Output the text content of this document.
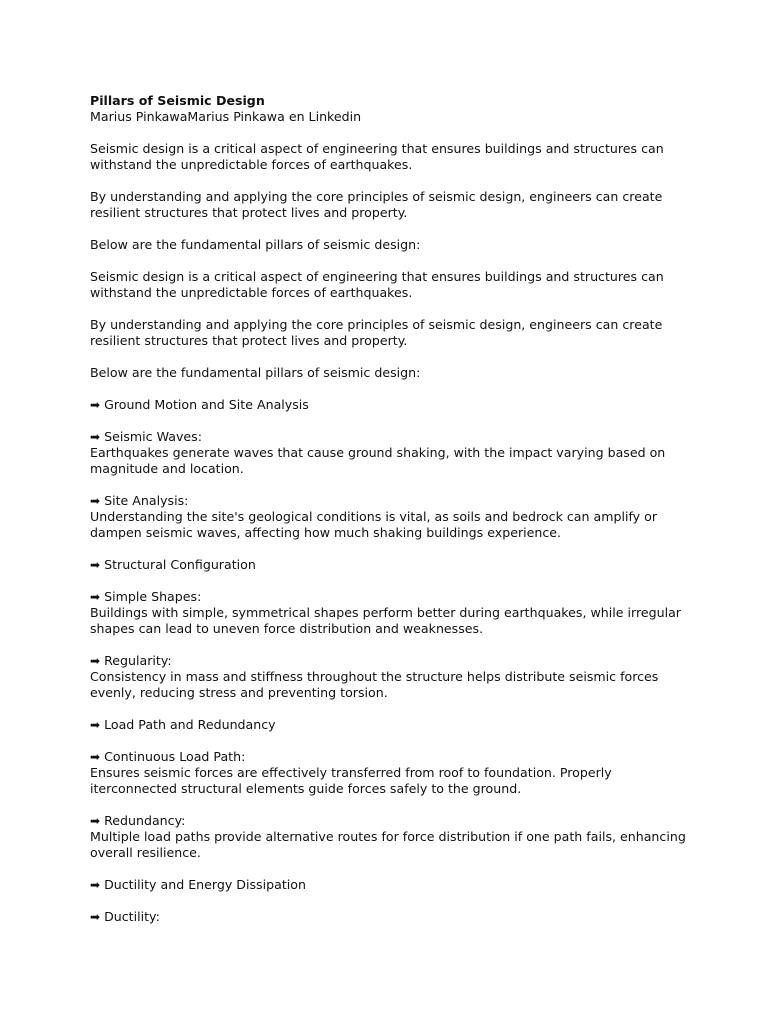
Pillars of Seismic Design
Marius PinkawaMarius Pinkawa en Linkedin
Seismic design is a critical aspect of engineering that ensures buildings and structures can withstand the unpredictable forces of earthquakes.
By understanding and applying the core principles of seismic design, engineers can create resilient structures that protect lives and property.
Below are the fundamental pillars of seismic design:
Seismic design is a critical aspect of engineering that ensures buildings and structures can withstand the unpredictable forces of earthquakes.
By understanding and applying the core principles of seismic design, engineers can create resilient structures that protect lives and property.
Below are the fundamental pillars of seismic design:
➡ Ground Motion and Site Analysis
➡ Seismic Waves:
Earthquakes generate waves that cause ground shaking, with the impact varying based on magnitude and location.
➡ Site Analysis:
Understanding the site's geological conditions is vital, as soils and bedrock can amplify or dampen seismic waves, affecting how much shaking buildings experience.
➡ Structural Configuration
➡ Simple Shapes:
Buildings with simple, symmetrical shapes perform better during earthquakes, while irregular shapes can lead to uneven force distribution and weaknesses.
➡ Regularity:
Consistency in mass and stiffness throughout the structure helps distribute seismic forces evenly, reducing stress and preventing torsion.
➡ Load Path and Redundancy
➡ Continuous Load Path:
Ensures seismic forces are effectively transferred from roof to foundation. Properly iterconnected structural elements guide forces safely to the ground.
➡ Redundancy:
Multiple load paths provide alternative routes for force distribution if one path fails, enhancing overall resilience.
➡ Ductility and Energy Dissipation
➡ Ductility:
